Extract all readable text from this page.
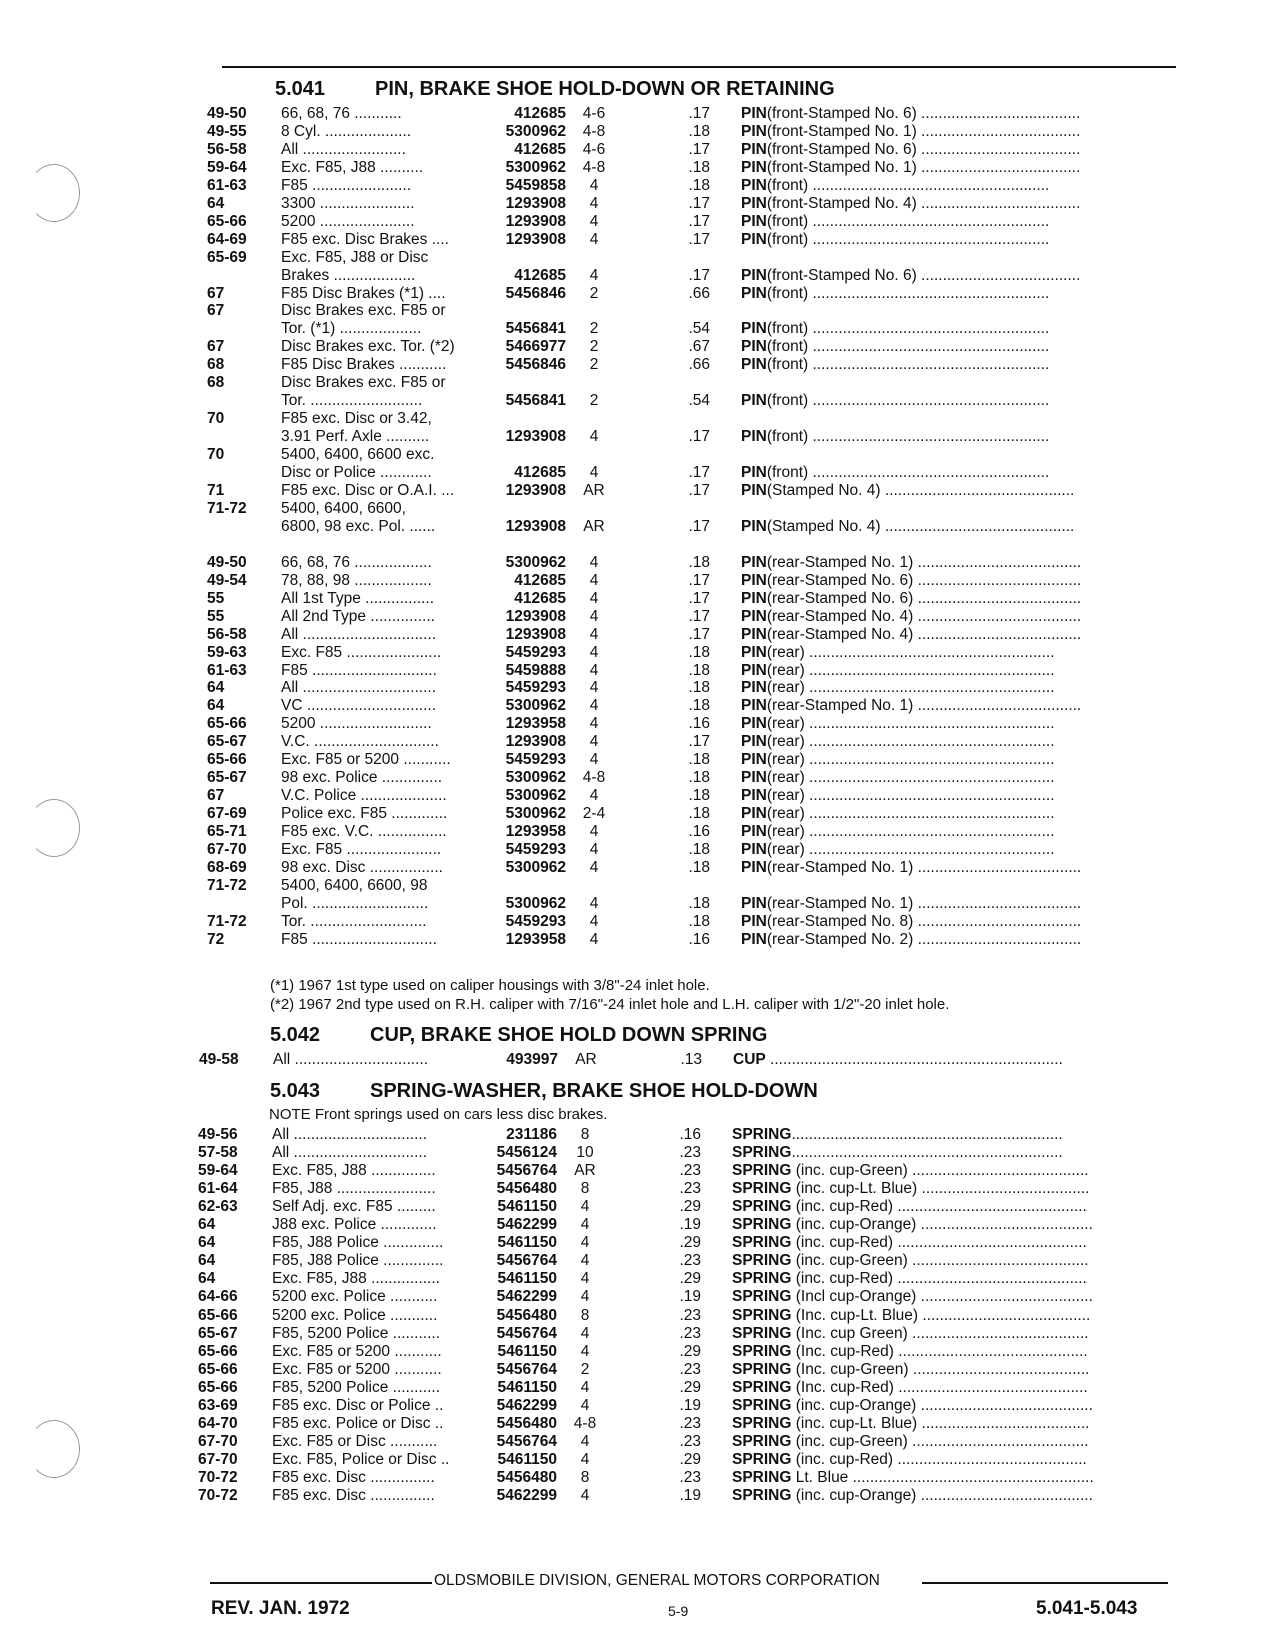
5.041 PIN, BRAKE SHOE HOLD-DOWN OR RETAINING
49-50 66, 68, 76 ...........	412685	4-6	.17 PIN(front-Stamped No. 6) .....................................
49-55 8 Cyl. ....................	5300962	4-8	.18 PIN(front-Stamped No. 1) .....................................
56-58 All ........................	412685	4-6	.17 PIN(front-Stamped No. 6) .....................................
59-64 Exc. F85, J88 ..........	5300962	4-8	.18 PIN(front-Stamped No. 1) .....................................
61-63 F85 .......................	5459858	4	.18 PIN(front) .......................................................
64	3300 ......................	1293908	4	.17 PIN(front-Stamped No. 4) .....................................
65-66 5200 ......................	1293908	4	.17 PIN(front) .......................................................
64-69 F85 exc. Disc Brakes ....	1293908	4	.17 PIN(front) .......................................................
65-69 Exc. F85, J88 or Disc
Brakes ...................	412685	4	.17 PIN(front-Stamped No. 6) .....................................
67	F85 Disc Brakes (*1) ....	5456846	2	.66 PIN(front) .......................................................
67	Disc Brakes exc. F85 or
Tor. (*1) ...................	5456841	2	.54 PIN(front) .......................................................
67	Disc Brakes exc. Tor. (*2)	5466977	2	.67 PIN(front) .......................................................
68	F85 Disc Brakes ...........	5456846	2	.66 PIN(front) .......................................................
68	Disc Brakes exc. F85 or
Tor. ..........................	5456841	2	.54 PIN(front) .......................................................
70	F85 exc. Disc or 3.42,
3.91 Perf. Axle ..........	1293908	4	.17 PIN(front) .......................................................
70	5400, 6400, 6600 exc.
Disc or Police ............	412685	4	.17 PIN(front) .......................................................
71	F85 exc. Disc or O.A.I. ...	1293908	AR	.17 PIN(Stamped No. 4) ............................................
71-72 5400, 6400, 6600,
6800, 98 exc. Pol. ......	1293908	AR	.17 PIN(Stamped No. 4) ............................................
49-50 66, 68, 76 ..................	5300962	4	.18 PIN(rear-Stamped No. 1) ......................................
49-54 78, 88, 98 ..................	412685	4	.17 PIN(rear-Stamped No. 6) ......................................
55	All 1st Type ................	412685	4	.17 PIN(rear-Stamped No. 6) ......................................
55	All 2nd Type ...............	1293908	4	.17 PIN(rear-Stamped No. 4) ......................................
56-58 All ...............................	1293908	4	.17 PIN(rear-Stamped No. 4) ......................................
59-63 Exc. F85 ......................	5459293	4	.18 PIN(rear) .........................................................
61-63 F85 .............................	5459888	4	.18 PIN(rear) .........................................................
64	All ...............................	5459293	4	.18 PIN(rear) .........................................................
64	VC ..............................	5300962	4	.18 PIN(rear-Stamped No. 1) ......................................
65-66 5200 ..........................	1293958	4	.16 PIN(rear) .........................................................
65-67 V.C. .............................	1293908	4	.17 PIN(rear) .........................................................
65-66 Exc. F85 or 5200 ...........	5459293	4	.18 PIN(rear) .........................................................
65-67 98 exc. Police ..............	5300962	4-8	.18 PIN(rear) .........................................................
67	V.C. Police ....................	5300962	4	.18 PIN(rear) .........................................................
67-69 Police exc. F85 .............	5300962	2-4	.18 PIN(rear) .........................................................
65-71 F85 exc. V.C. ................	1293958	4	.16 PIN(rear) .........................................................
67-70 Exc. F85 ......................	5459293	4	.18 PIN(rear) .........................................................
68-69 98 exc. Disc .................	5300962	4	.18 PIN(rear-Stamped No. 1) ......................................
71-72 5400, 6400, 6600, 98
Pol. ...........................	5300962	4	.18 PIN(rear-Stamped No. 1) ......................................
71-72 Tor. ...........................	5459293	4	.18 PIN(rear-Stamped No. 8) ......................................
72	F85 .............................	1293958	4	.16 PIN(rear-Stamped No. 2) ......................................
(*1) 1967 1st type used on caliper housings with 3/8"-24 inlet hole.
(*2) 1967 2nd type used on R.H. caliper with 7/16"-24 inlet hole and L.H. caliper with 1/2"-20 inlet hole.
5.042 CUP, BRAKE SHOE HOLD DOWN SPRING
49-58 All ...............................	493997	AR	.13 CUP ....................................................................
5.043 SPRING-WASHER, BRAKE SHOE HOLD-DOWN
NOTE Front springs used on cars less disc brakes.
49-56 All ...............................	231186	8	.16 SPRING...............................................................
57-58 All ...............................	5456124	10	.23 SPRING...............................................................
59-64 Exc. F85, J88 ...............	5456764	AR	.23 SPRING (inc. cup-Green) .........................................
61-64 F85, J88 .......................	5456480	8	.23 SPRING (inc. cup-Lt. Blue) .......................................
62-63 Self Adj. exc. F85 .........	5461150	4	.29 SPRING (inc. cup-Red) ............................................
64	J88 exc. Police .............	5462299	4	.19 SPRING (inc. cup-Orange) ........................................
64	F85, J88 Police ..............	5461150	4	.29 SPRING (inc. cup-Red) ............................................
64	F85, J88 Police ..............	5456764	4	.23 SPRING (inc. cup-Green) .........................................
64	Exc. F85, J88 ................	5461150	4	.29 SPRING (inc. cup-Red) ............................................
64-66 5200 exc. Police ...........	5462299	4	.19 SPRING (Incl cup-Orange) ........................................
65-66 5200 exc. Police ...........	5456480	8	.23 SPRING (Inc. cup-Lt. Blue) .......................................
65-67 F85, 5200 Police ...........	5456764	4	.23 SPRING (Inc. cup Green) .........................................
65-66 Exc. F85 or 5200 ...........	5461150	4	.29 SPRING (Inc. cup-Red) ............................................
65-66 Exc. F85 or 5200 ...........	5456764	2	.23 SPRING (Inc. cup-Green) .........................................
65-66 F85, 5200 Police ...........	5461150	4	.29 SPRING (Inc. cup-Red) ............................................
63-69 F85 exc. Disc or Police ..	5462299	4	.19 SPRING (inc. cup-Orange) ........................................
64-70 F85 exc. Police or Disc ..	5456480	4-8	.23 SPRING (inc. cup-Lt. Blue) .......................................
67-70 Exc. F85 or Disc ...........	5456764	4	.23 SPRING (inc. cup-Green) .........................................
67-70 Exc. F85, Police or Disc ..	5461150	4	.29 SPRING (inc. cup-Red) ............................................
70-72 F85 exc. Disc ...............	5456480	8	.23 SPRING Lt. Blue ........................................................
70-72 F85 exc. Disc ...............	5462299	4	.19 SPRING (inc. cup-Orange) ........................................
OLDSMOBILE DIVISION, GENERAL MOTORS CORPORATION
REV. JAN. 1972	5-9	5.041-5.043
